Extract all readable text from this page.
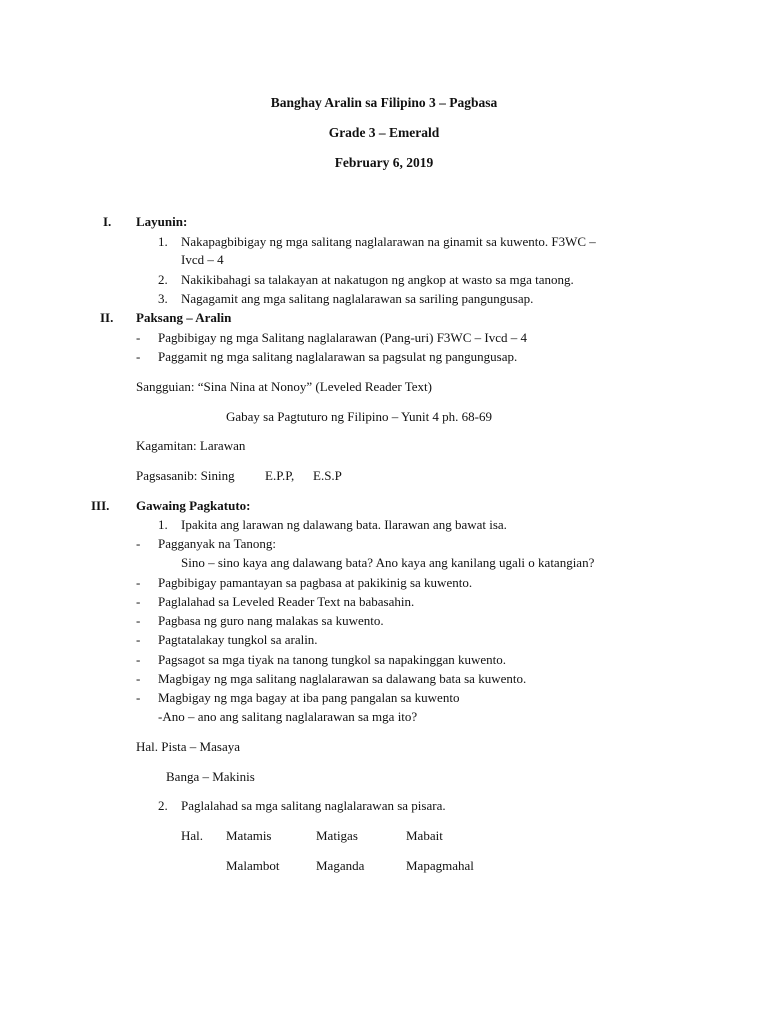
Banghay Aralin sa Filipino 3 – Pagbasa
Grade 3 – Emerald
February 6, 2019
I. Layunin:
1. Nakapagbibigay ng mga salitang naglalarawan na ginamit sa kuwento. F3WC –
Ivcd – 4
2. Nakikibahagi sa talakayan at nakatugon ng angkop at wasto sa mga tanong.
3. Nagagamit ang mga salitang naglalarawan sa sariling pangungusap.
II. Paksang – Aralin
- Pagbibigay ng mga Salitang naglalarawan (Pang-uri) F3WC – Ivcd – 4
- Paggamit ng mga salitang naglalarawan sa pagsulat ng pangungusap.
Sangguian: “Sina Nina at Nonoy” (Leveled Reader Text)
Gabay sa Pagtuturo ng Filipino – Yunit 4 ph. 68-69
Kagamitan: Larawan
Pagsasanib: Sining E.P.P, E.S.P
III. Gawaing Pagkatuto:
1. Ipakita ang larawan ng dalawang bata. Ilarawan ang bawat isa.
- Pagganyak na Tanong:
Sino – sino kaya ang dalawang bata? Ano kaya ang kanilang ugali o katangian?
- Pagbibigay pamantayan sa pagbasa at pakikinig sa kuwento.
- Paglalahad sa Leveled Reader Text na babasahin.
- Pagbasa ng guro nang malakas sa kuwento.
- Pagtatalakay tungkol sa aralin.
- Pagsagot sa mga tiyak na tanong tungkol sa napakinggan kuwento.
- Magbigay ng mga salitang naglalarawan sa dalawang bata sa kuwento.
- Magbigay ng mga bagay at iba pang pangalan sa kuwento
-Ano – ano ang salitang naglalarawan sa mga ito?
Hal. Pista – Masaya
Banga – Makinis
2. Paglalahad sa mga salitang naglalarawan sa pisara.
Hal. Matamis	Matigas	Mabait
Malambot	Maganda	Mapagmahal
